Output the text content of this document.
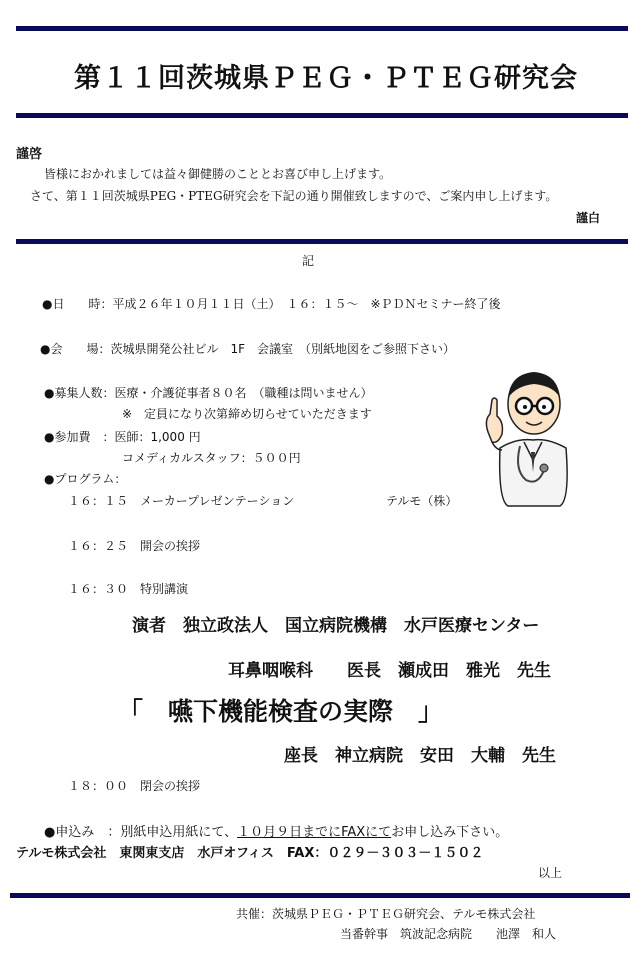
第１１回茨城県ＰＥＧ・ＰＴＥＧ研究会
謹啓
皆様におかれましては益々御健勝のこととお喜び申し上げます。
さて、第１１回茨城県PEG・PTEG研究会を下記の通り開催致しますので、ご案内申し上げます。
謹白
記
●日　　時：平成２６年１０月１１日（土）　１６：１５～　※ＰＤＮセミナー終了後
●会　　場：茨城県開発公社ビル　1F　会議室　（別紙地図をご参照下さい）
●募集人数：医療・介護従事者８０名　（職種は問いません）
※　定員になり次第締め切らせていただきます
●参加費　：医師：1,000 円
コメディカルスタッフ：５００円
●プログラム：
１６：１５　メーカープレゼンテーション	テルモ（株）
１６：２５　開会の挨拶
１６：３０　特別講演
演者　独立政法人　国立病院機構　水戸医療センター
耳鼻咽喉科　　医長　瀬成田　雅光　先生
「　嚥下機能検査の実際　」
座長　神立病院　安田　大輔　先生
１８：００　閉会の挨拶
●申込み　：別紙申込用紙にて、１０月９日までにFAXにてお申し込み下さい。
テルモ株式会社　東関東支店　水戸オフィス　FAX：０２９－３０３－１５０２
以上
共催：茨城県ＰＥＧ・ＰＴＥＧ研究会、テルモ株式会社
当番幹事　筑波記念病院　　池澤　和人
